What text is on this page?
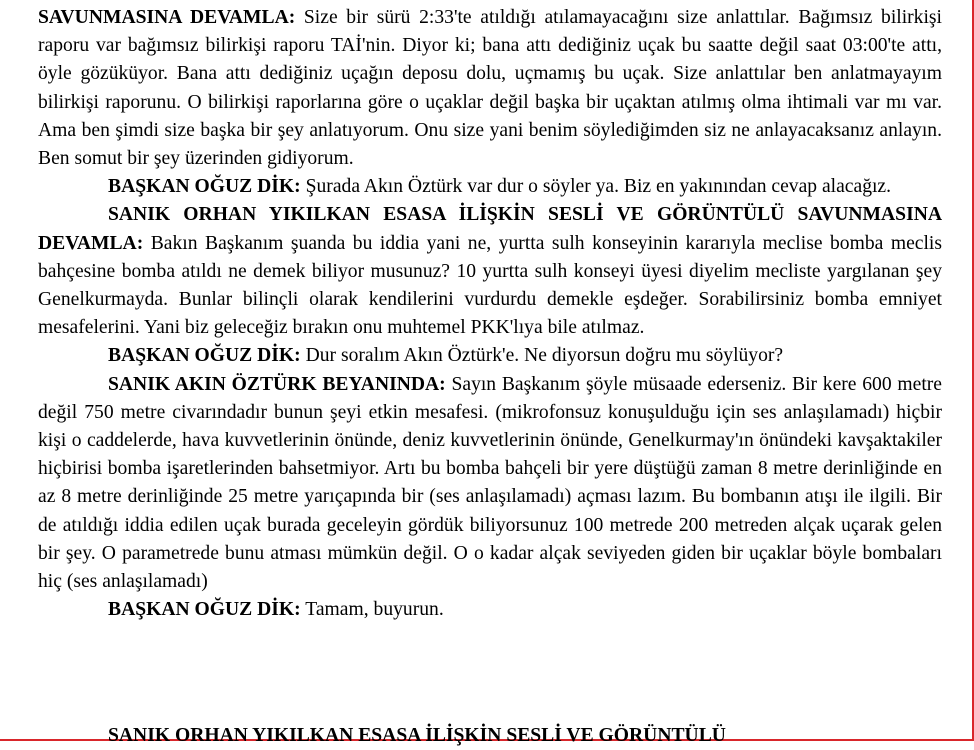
SAVUNMASINA DEVAMLA: Size bir sürü 2:33'te atıldığı atılamayacağını size anlattılar. Bağımsız bilirkişi raporu var bağımsız bilirkişi raporu TAİ'nin. Diyor ki; bana attı dediğiniz uçak bu saatte değil saat 03:00'te attı, öyle gözüküyor. Bana attı dediğiniz uçağın deposu dolu, uçmamış bu uçak. Size anlattılar ben anlatmayayım bilirkişi raporunu. O bilirkişi raporlarına göre o uçaklar değil başka bir uçaktan atılmış olma ihtimali var mı var. Ama ben şimdi size başka bir şey anlatıyorum. Onu size yani benim söylediğimden siz ne anlayacaksanız anlayın. Ben somut bir şey üzerinden gidiyorum.

BAŞKAN OĞUZ DİK: Şurada Akın Öztürk var dur o söyler ya. Biz en yakınından cevap alacağız.

SANIK ORHAN YIKILKAN ESASA İLİŞKİN SESLİ VE GÖRÜNTÜLÜ SAVUNMASINA DEVAMLA: Bakın Başkanım şuanda bu iddia yani ne, yurtta sulh konseyinin kararıyla meclise bomba meclis bahçesine bomba atıldı ne demek biliyor musunuz? 10 yurtta sulh konseyi üyesi diyelim mecliste yargılanan şey Genelkurmayda. Bunlar bilinçli olarak kendilerini vurdurdu demekle eşdeğer. Sorabilirsiniz bomba emniyet mesafelerini. Yani biz geleceğiz bırakın onu muhtemel PKK'lıya bile atılmaz.

BAŞKAN OĞUZ DİK: Dur soralım Akın Öztürk'e. Ne diyorsun doğru mu söylüyor?

SANIK AKIN ÖZTÜRK BEYANINDA: Sayın Başkanım şöyle müsaade ederseniz. Bir kere 600 metre değil 750 metre civarındadır bunun şeyi etkin mesafesi. (mikrofonsuz konuşulduğu için ses anlaşılamadı) hiçbir kişi o caddelerde, hava kuvvetlerinin önünde, deniz kuvvetlerinin önünde, Genelkurmay'ın önündeki kavşaktakiler hiçbirisi bomba işaretlerinden bahsetmiyor. Artı bu bomba bahçeli bir yere düştüğü zaman 8 metre derinliğinde en az 8 metre derinliğinde 25 metre yarıçapında bir (ses anlaşılamadı) açması lazım. Bu bombanın atışı ile ilgili. Bir de atıldığı iddia edilen uçak burada geceleyin gördük biliyorsunuz 100 metrede 200 metreden alçak uçarak gelen bir şey. O parametrede bunu atması mümkün değil. O o kadar alçak seviyeden giden bir uçaklar böyle bombaları hiç (ses anlaşılamadı)

BAŞKAN OĞUZ DİK: Tamam, buyurun.

SANIK ORHAN YIKILKAN ESASA İLİŞKİN SESLİ VE GÖRÜNTÜLÜ
